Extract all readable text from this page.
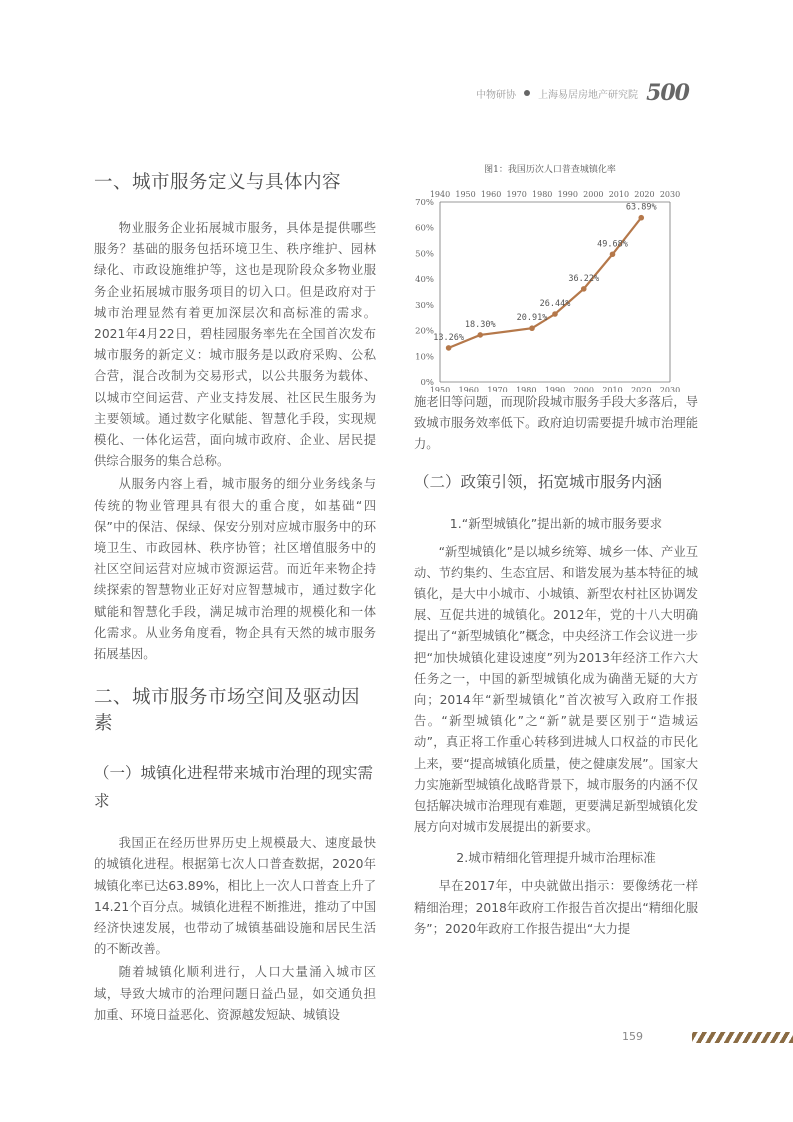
中物研协 上海易居房地产研究院 500
一、城市服务定义与具体内容

物业服务企业拓展城市服务，具体是提供哪些服务？基础的服务包括环境卫生、秩序维护、园林绿化、市政设施维护等，这也是现阶段众多物业服务企业拓展城市服务项目的切入口。但是政府对于城市治理显然有着更加深层次和高标准的需求。2021年4月22日，碧桂园服务率先在全国首次发布城市服务的新定义：城市服务是以政府采购、公私合营，混合改制为交易形式，以公共服务为载体、以城市空间运营、产业支持发展、社区民生服务为主要领域。通过数字化赋能、智慧化手段，实现规模化、一体化运营，面向城市政府、企业、居民提供综合服务的集合总称。

从服务内容上看，城市服务的细分业务线条与传统的物业管理具有很大的重合度，如基础“四保”中的保洁、保绿、保安分别对应城市服务中的环境卫生、市政园林、秩序协管；社区增值服务中的社区空间运营对应城市资源运营。而近年来物企持续探索的智慧物业正好对应智慧城市，通过数字化赋能和智慧化手段，满足城市治理的规模化和一体化需求。从业务角度看，物企具有天然的城市服务拓展基因。

二、城市服务市场空间及驱动因素
（一）城镇化进程带来城市治理的现实需求

我国正在经历世界历史上规模最大、速度最快的城镇化进程。根据第七次人口普查数据，2020年城镇化率已达63.89%，相比上一次人口普查上升了14.21个百分点。城镇化进程不断推进，推动了中国经济快速发展，也带动了城镇基础设施和居民生活的不断改善。

随着城镇化顺利进行，人口大量涌入城市区域，导致大城市的治理问题日益凸显，如交通负担加重、环境日益恶化、资源越发短缺、城镇设

图1：我国历次人口普查城镇化率
0%
10%
20%
30%
40%
50%
60%
70%
1940 1950 1960 1970 1980 1990 2000 2010 2020 2030
1950 1960 1970 1980 1990 2000 2010 2020 2030
13.26%
18.30%
20.91%
26.44%
36.22%
49.68%
63.89%

施老旧等问题，而现阶段城市服务手段大多落后，导致城市服务效率低下。政府迫切需要提升城市治理能力。

（二）政策引领，拓宽城市服务内涵
1.“新型城镇化”提出新的城市服务要求

“新型城镇化”是以城乡统筹、城乡一体、产业互动、节约集约、生态宜居、和谐发展为基本特征的城镇化，是大中小城市、小城镇、新型农村社区协调发展、互促共进的城镇化。2012年，党的十八大明确提出了“新型城镇化”概念，中央经济工作会议进一步把“加快城镇化建设速度”列为2013年经济工作六大任务之一，中国的新型城镇化成为确凿无疑的大方向；2014年“新型城镇化”首次被写入政府工作报告。“新型城镇化”之“新”就是要区别于“造城运动”，真正将工作重心转移到进城人口权益的市民化上来，要“提高城镇化质量，使之健康发展”。国家大力实施新型城镇化战略背景下，城市服务的内涵不仅包括解决城市治理现有难题，更要满足新型城镇化发展方向对城市发展提出的新要求。

2.城市精细化管理提升城市治理标准

早在2017年，中央就做出指示：要像绣花一样精细治理；2018年政府工作报告首次提出“精细化服务”；2020年政府工作报告提出“大力提

159
